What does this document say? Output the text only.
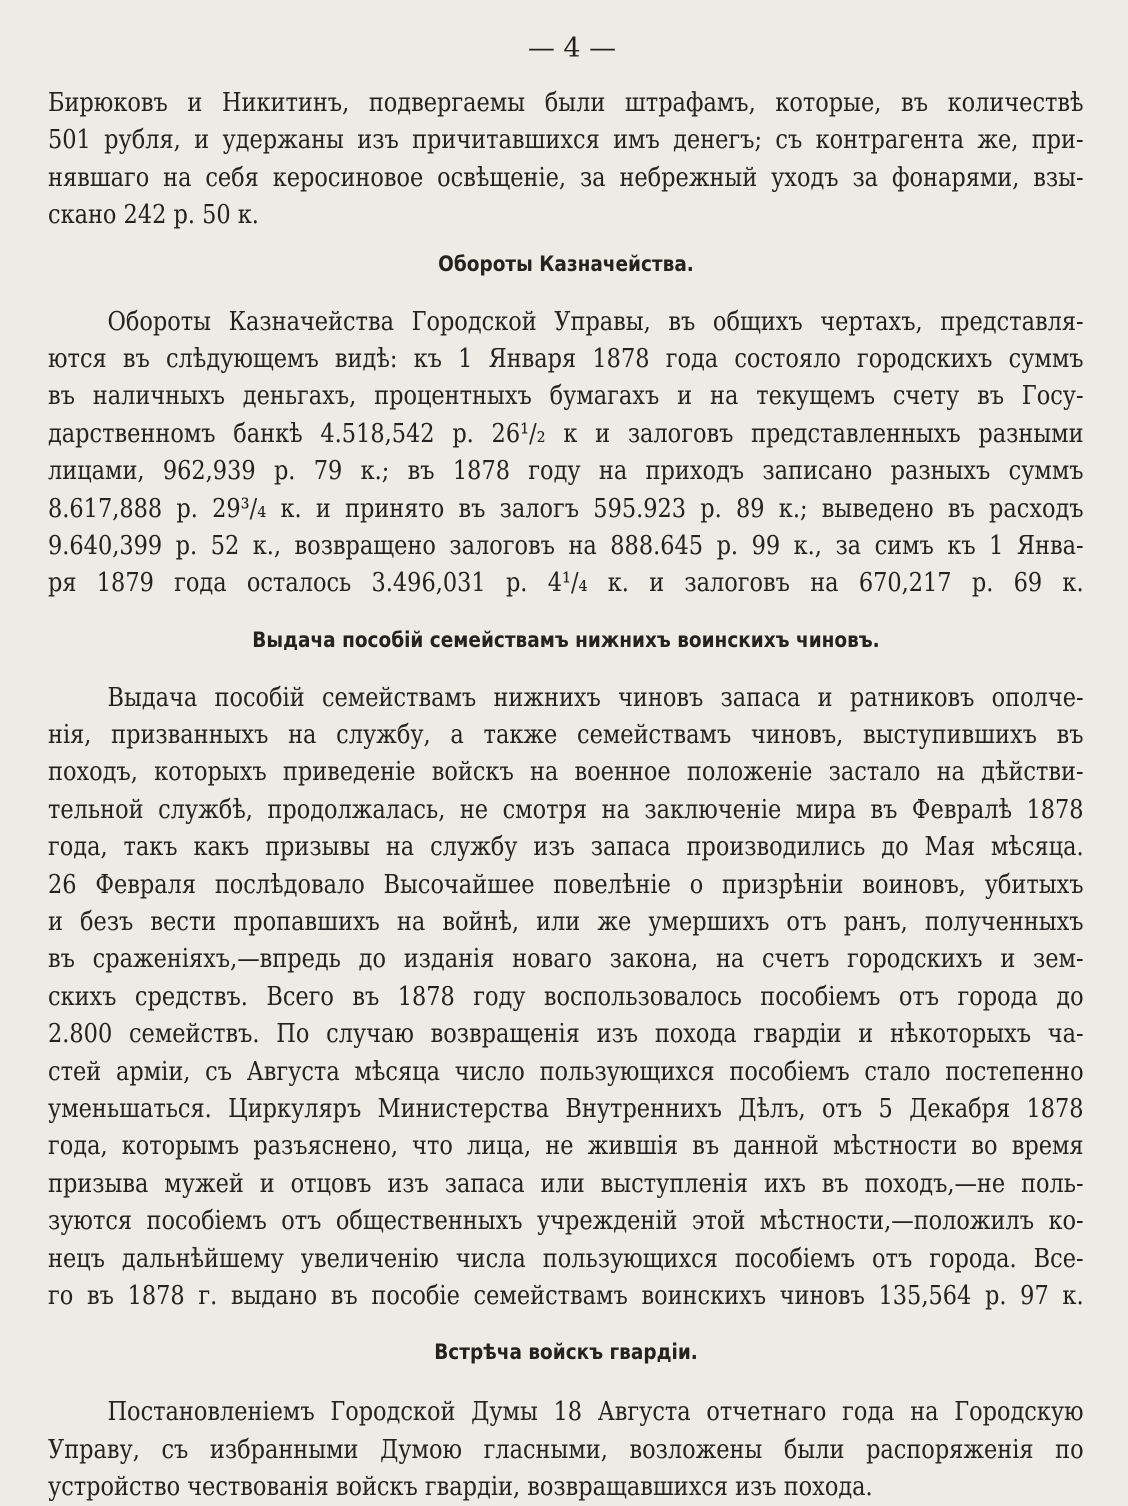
— 4 —
Бирюковъ и Никитинъ, подвергаемы были штрафамъ, которые, въ количествѣ
501 рубля, и удержаны изъ причитавшихся имъ денегъ; съ контрагента же, при-
нявшаго на себя керосиновое освѣщеніе, за небрежный уходъ за фонарями, взы-
скано 242 р. 50 к.
Обороты Казначейства.
Обороты Казначейства Городской Управы, въ общихъ чертахъ, представля-
ются въ слѣдующемъ видѣ: къ 1 Января 1878 года состояло городскихъ суммъ
въ наличныхъ деньгахъ, процентныхъ бумагахъ и на текущемъ счету въ Госу-
дарственномъ банкѣ 4.518,542 р. 26¹/₂ к и залоговъ представленныхъ разными
лицами, 962,939 р. 79 к.; въ 1878 году на приходъ записано разныхъ суммъ
8.617,888 р. 29³/₄ к. и принято въ залогъ 595.923 р. 89 к.; выведено въ расходъ
9.640,399 р. 52 к., возвращено залоговъ на 888.645 р. 99 к., за симъ къ 1 Янва-
ря 1879 года осталось 3.496,031 р. 4¹/₄ к. и залоговъ на 670,217 р. 69 к.
Выдача пособій семействамъ нижнихъ воинскихъ чиновъ.
Выдача пособій семействамъ нижнихъ чиновъ запаса и ратниковъ ополче-
нія, призванныхъ на службу, а также семействамъ чиновъ, выступившихъ въ
походъ, которыхъ приведеніе войскъ на военное положеніе застало на дѣйстви-
тельной службѣ, продолжалась, не смотря на заключеніе мира въ Февралѣ 1878
года, такъ какъ призывы на службу изъ запаса производились до Мая мѣсяца.
26 Февраля послѣдовало Высочайшее повелѣніе о призрѣніи воиновъ, убитыхъ
и безъ вести пропавшихъ на войнѣ, или же умершихъ отъ ранъ, полученныхъ
въ сраженіяхъ,—впредь до изданія новаго закона, на счетъ городскихъ и зем-
скихъ средствъ. Всего въ 1878 году воспользовалось пособіемъ отъ города до
2.800 семействъ. По случаю возвращенія изъ похода гвардіи и нѣкоторыхъ ча-
стей арміи, съ Августа мѣсяца число пользующихся пособіемъ стало постепенно
уменьшаться. Циркуляръ Министерства Внутреннихъ Дѣлъ, отъ 5 Декабря 1878
года, которымъ разъяснено, что лица, не жившія въ данной мѣстности во время
призыва мужей и отцовъ изъ запаса или выступленія ихъ въ походъ,—не поль-
зуются пособіемъ отъ общественныхъ учрежденій этой мѣстности,—положилъ ко-
нецъ дальнѣйшему увеличенію числа пользующихся пособіемъ отъ города. Все-
го въ 1878 г. выдано въ пособіе семействамъ воинскихъ чиновъ 135,564 р. 97 к.
Встрѣча войскъ гвардіи.
Постановленіемъ Городской Думы 18 Августа отчетнаго года на Городскую
Управу, съ избранными Думою гласными, возложены были распоряженія по
устройство чествованія войскъ гвардіи, возвращавшихся изъ похода.
